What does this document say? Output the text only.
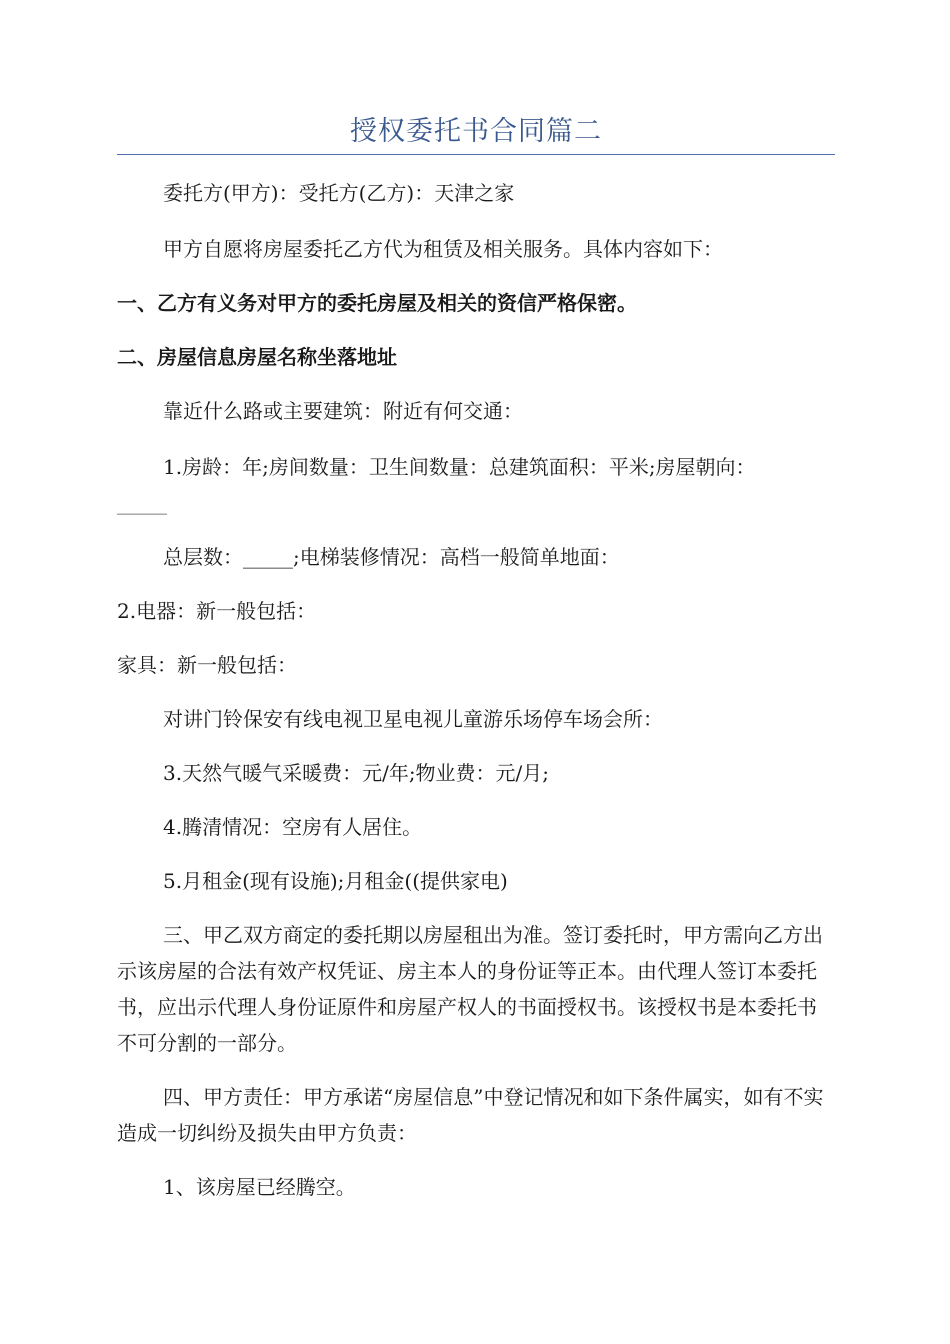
授权委托书合同篇二

委托方(甲方)：受托方(乙方)：天津之家

甲方自愿将房屋委托乙方代为租赁及相关服务。具体内容如下：

一、乙方有义务对甲方的委托房屋及相关的资信严格保密。

二、房屋信息房屋名称坐落地址

靠近什么路或主要建筑：附近有何交通：

1.房龄：年;房间数量：卫生间数量：总建筑面积：平米;房屋朝向：

_____

总层数：_____;电梯装修情况：高档一般简单地面：

2.电器：新一般包括：

家具：新一般包括：

对讲门铃保安有线电视卫星电视儿童游乐场停车场会所：

3.天然气暖气采暖费：元/年;物业费：元/月;

4.腾清情况：空房有人居住。

5.月租金(现有设施);月租金((提供家电)

三、甲乙双方商定的委托期以房屋租出为准。签订委托时，甲方需向乙方出示该房屋的合法有效产权凭证、房主本人的身份证等正本。由代理人签订本委托书，应出示代理人身份证原件和房屋产权人的书面授权书。该授权书是本委托书不可分割的一部分。

四、甲方责任：甲方承诺“房屋信息”中登记情况和如下条件属实，如有不实造成一切纠纷及损失由甲方负责：

1、该房屋已经腾空。
